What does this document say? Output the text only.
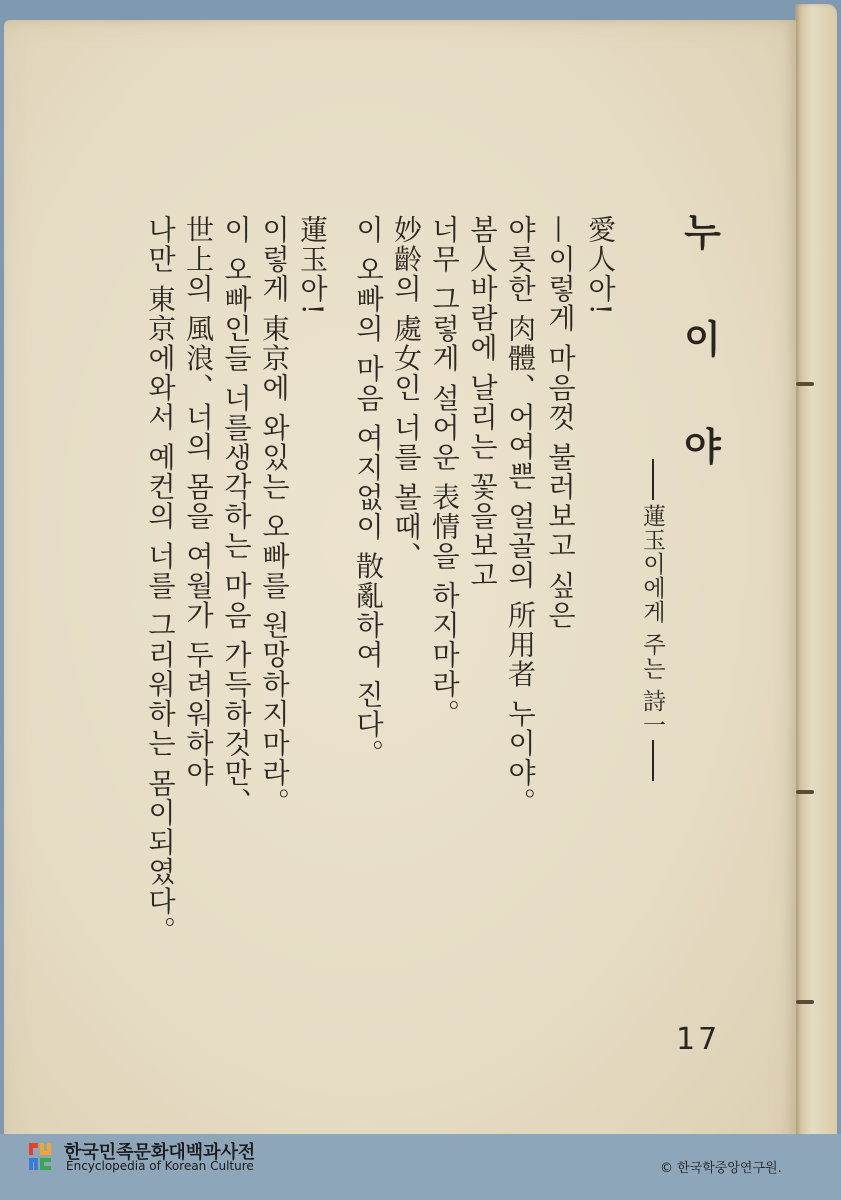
누 이 야
蓮玉이에게 주는 詩一
愛人아!
—이렇게 마음껏 불러보고 싶은
야릇한 肉體、어여쁜 얼골의 所用者 누이야。
봄人바람에 날리는 꽃을보고
너무 그렇게 설어운 表情을 하지마라。
妙齡의 處女인 너를 볼때、
이 오빠의 마음 여지없이 散亂하여 진다。
蓮玉아!
이렇게 東京에 와있는 오빠를 원망하지마라。
이 오빠인들 너를생각하는 마음 가득하것만、
世上의 風浪、너의 몸을 여월가 두려워하야
나만 東京에와서 예컨의 너를 그리워하는 몸이되였다。
17
한국민족문화대백과사전
Encyclopedia of Korean Culture	© 한국학중앙연구원.
